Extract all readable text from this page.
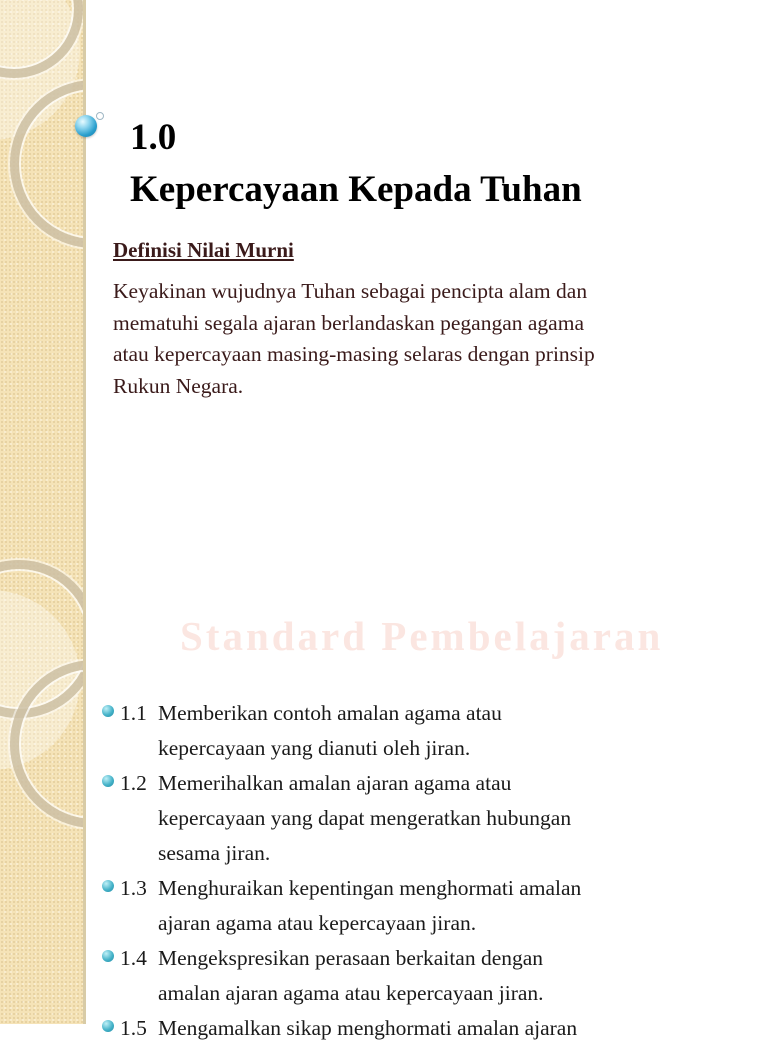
1.0
Kepercayaan Kepada Tuhan
Definisi Nilai Murni

Keyakinan wujudnya Tuhan sebagai pencipta alam dan
mematuhi segala ajaran berlandaskan pegangan agama
atau kepercayaan masing-masing selaras dengan prinsip
Rukun Negara.

Standard Pembelajaran

1.1 Memberikan contoh amalan agama atau
kepercayaan yang dianuti oleh jiran.
1.2 Memerihalkan amalan ajaran agama atau
kepercayaan yang dapat mengeratkan hubungan
sesama jiran.
1.3 Menghuraikan kepentingan menghormati amalan
ajaran agama atau kepercayaan jiran.
1.4 Mengekspresikan perasaan berkaitan dengan
amalan ajaran agama atau kepercayaan jiran.
1.5 Mengamalkan sikap menghormati amalan ajaran
